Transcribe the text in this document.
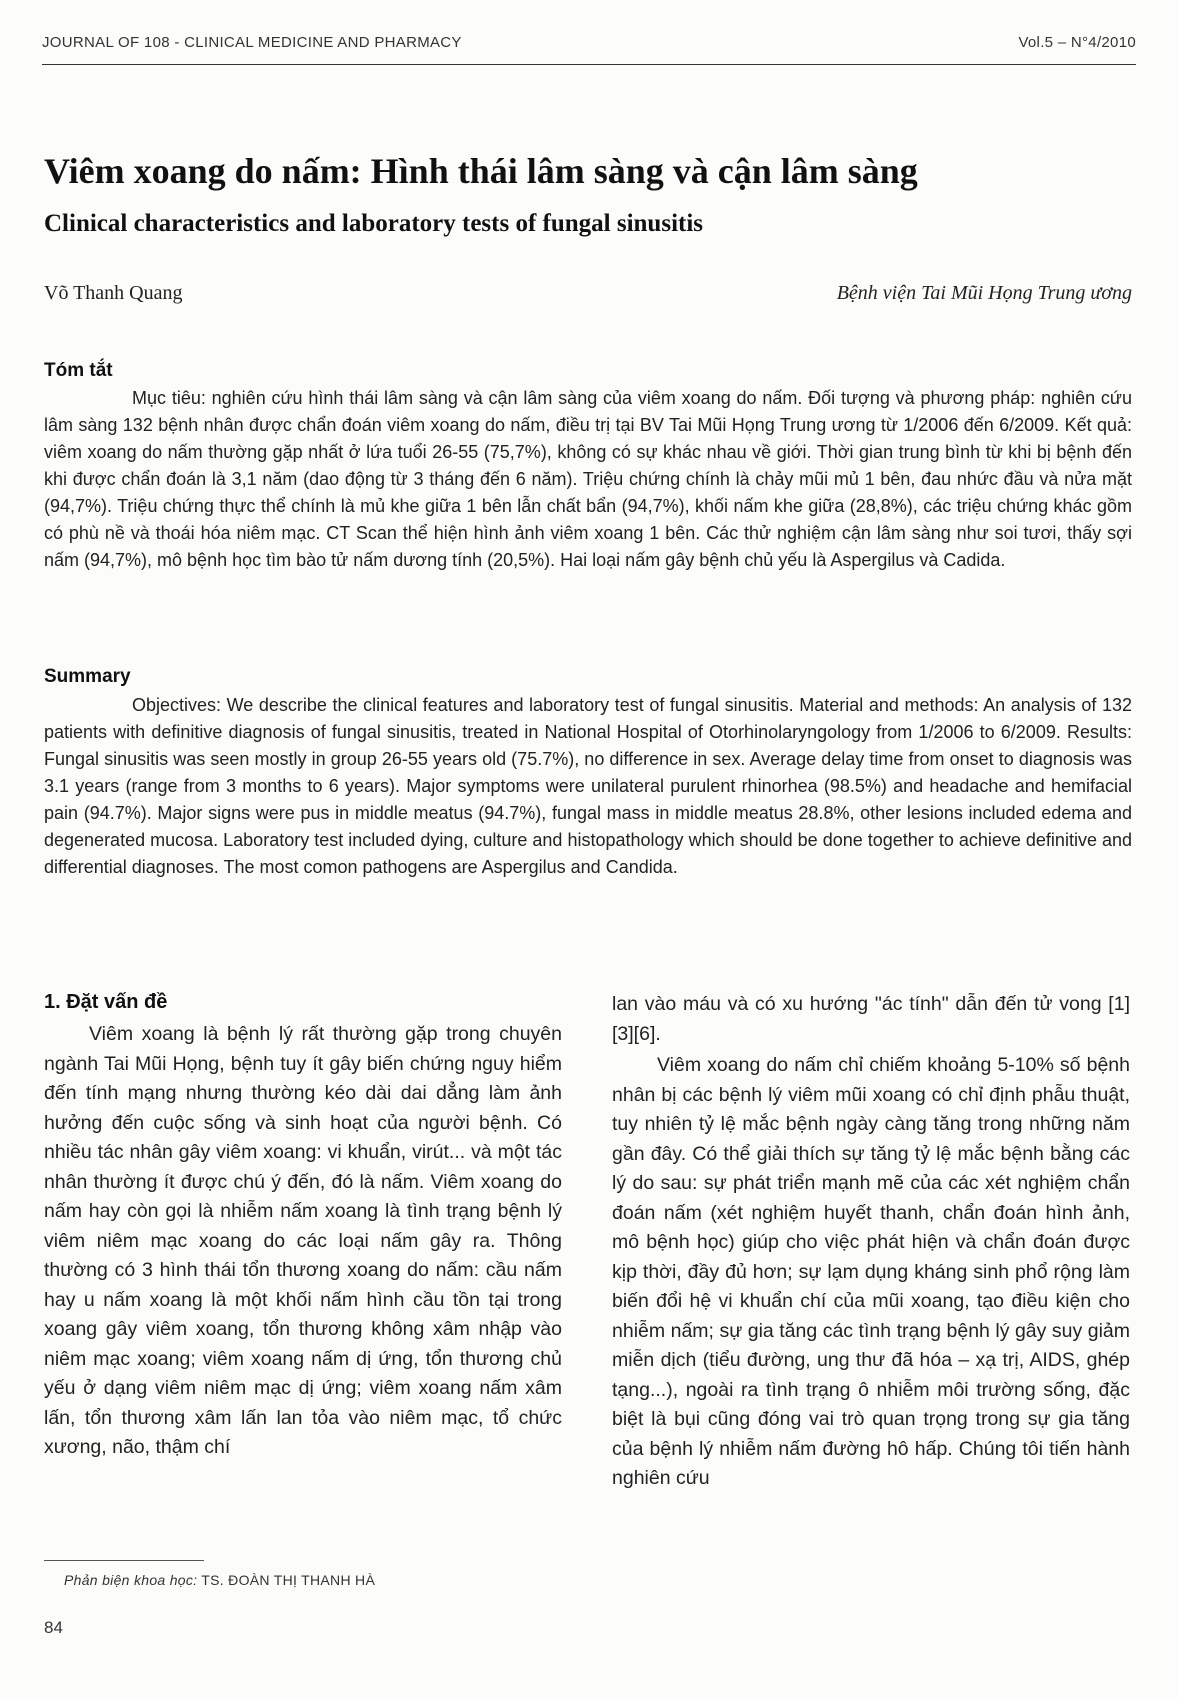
JOURNAL OF 108 - CLINICAL MEDICINE AND PHARMACY	Vol.5 – N°4/2010
Viêm xoang do nấm: Hình thái lâm sàng và cận lâm sàng
Clinical characteristics and laboratory tests of fungal sinusitis
Võ Thanh Quang	Bệnh viện Tai Mũi Họng Trung ương
Tóm tắt

Mục tiêu: nghiên cứu hình thái lâm sàng và cận lâm sàng của viêm xoang do nấm. Đối tượng và phương pháp: nghiên cứu lâm sàng 132 bệnh nhân được chẩn đoán viêm xoang do nấm, điều trị tại BV Tai Mũi Họng Trung ương từ 1/2006 đến 6/2009. Kết quả: viêm xoang do nấm thường gặp nhất ở lứa tuổi 26-55 (75,7%), không có sự khác nhau về giới. Thời gian trung bình từ khi bị bệnh đến khi được chẩn đoán là 3,1 năm (dao động từ 3 tháng đến 6 năm). Triệu chứng chính là chảy mũi mủ 1 bên, đau nhức đầu và nửa mặt (94,7%). Triệu chứng thực thể chính là mủ khe giữa 1 bên lẫn chất bẩn (94,7%), khối nấm khe giữa (28,8%), các triệu chứng khác gồm có phù nề và thoái hóa niêm mạc. CT Scan thể hiện hình ảnh viêm xoang 1 bên. Các thử nghiệm cận lâm sàng như soi tươi, thấy sợi nấm (94,7%), mô bệnh học tìm bào tử nấm dương tính (20,5%). Hai loại nấm gây bệnh chủ yếu là Aspergilus và Cadida.

Summary

Objectives: We describe the clinical features and laboratory test of fungal sinusitis. Material and methods: An analysis of 132 patients with definitive diagnosis of fungal sinusitis, treated in National Hospital of Otorhinolaryngology from 1/2006 to 6/2009. Results: Fungal sinusitis was seen mostly in group 26-55 years old (75.7%), no difference in sex. Average delay time from onset to diagnosis was 3.1 years (range from 3 months to 6 years). Major symptoms were unilateral purulent rhinorhea (98.5%) and headache and hemifacial pain (94.7%). Major signs were pus in middle meatus (94.7%), fungal mass in middle meatus 28.8%, other lesions included edema and degenerated mucosa. Laboratory test included dying, culture and histopathology which should be done together to achieve definitive and differential diagnoses. The most comon pathogens are Aspergilus and Candida.

1. Đặt vấn đề

Viêm xoang là bệnh lý rất thường gặp trong chuyên ngành Tai Mũi Họng, bệnh tuy ít gây biến chứng nguy hiểm đến tính mạng nhưng thường kéo dài dai dẳng làm ảnh hưởng đến cuộc sống và sinh hoạt của người bệnh. Có nhiều tác nhân gây viêm xoang: vi khuẩn, virút... và một tác nhân thường ít được chú ý đến, đó là nấm. Viêm xoang do nấm hay còn gọi là nhiễm nấm xoang là tình trạng bệnh lý viêm niêm mạc xoang do các loại nấm gây ra. Thông thường có 3 hình thái tổn thương xoang do nấm: cầu nấm hay u nấm xoang là một khối nấm hình cầu tồn tại trong xoang gây viêm xoang, tổn thương không xâm nhập vào niêm mạc xoang; viêm xoang nấm dị ứng, tổn thương chủ yếu ở dạng viêm niêm mạc dị ứng; viêm xoang nấm xâm lấn, tổn thương xâm lấn lan tỏa vào niêm mạc, tổ chức xương, não, thậm chí

lan vào máu và có xu hướng "ác tính" dẫn đến tử vong [1][3][6].

Viêm xoang do nấm chỉ chiếm khoảng 5-10% số bệnh nhân bị các bệnh lý viêm mũi xoang có chỉ định phẫu thuật, tuy nhiên tỷ lệ mắc bệnh ngày càng tăng trong những năm gần đây. Có thể giải thích sự tăng tỷ lệ mắc bệnh bằng các lý do sau: sự phát triển mạnh mẽ của các xét nghiệm chẩn đoán nấm (xét nghiệm huyết thanh, chẩn đoán hình ảnh, mô bệnh học) giúp cho việc phát hiện và chẩn đoán được kịp thời, đầy đủ hơn; sự lạm dụng kháng sinh phổ rộng làm biến đổi hệ vi khuẩn chí của mũi xoang, tạo điều kiện cho nhiễm nấm; sự gia tăng các tình trạng bệnh lý gây suy giảm miễn dịch (tiểu đường, ung thư đã hóa – xạ trị, AIDS, ghép tạng...), ngoài ra tình trạng ô nhiễm môi trường sống, đặc biệt là bụi cũng đóng vai trò quan trọng trong sự gia tăng của bệnh lý nhiễm nấm đường hô hấp. Chúng tôi tiến hành nghiên cứu

Phản biện khoa học: TS. ĐOÀN THỊ THANH HÀ
84
